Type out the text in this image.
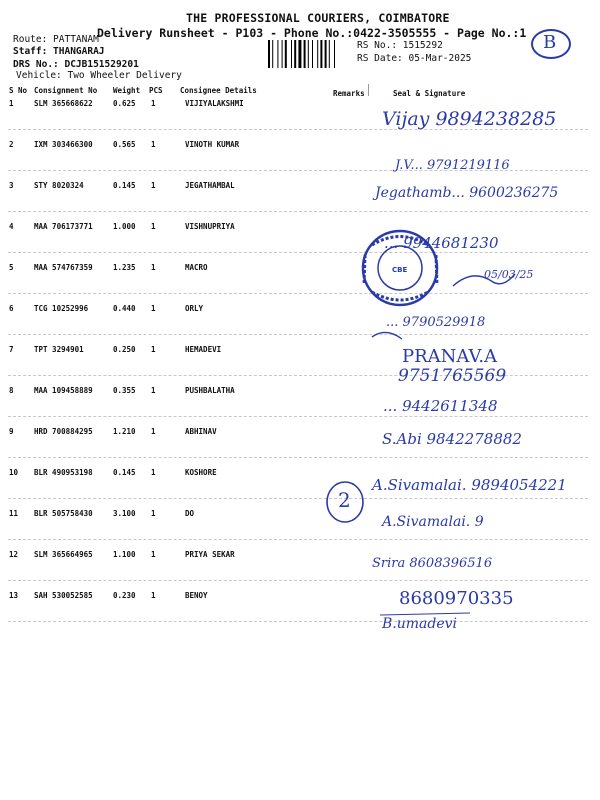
THE PROFESSIONAL COURIERS, COIMBATORE
Delivery Runsheet - P103 - Phone No.:0422-3505555 - Page No.:1
Route: PATTANAM
Staff: THANGARAJ
DRS No.: DCJB151529201
Vehicle: Two Wheeler Delivery
RS No.: 1515292
RS Date: 05-Mar-2025
B
S No Consignment No Weight PCS Consignee Details	Remarks	Seal & Signature
1	SLM 365668622	0.625 1	VIJIYALAKSHMI
2	IXM 303466300	0.565 1	VINOTH KUMAR
3	STY 8020324	0.145 1	JEGATHAMBAL
4	MAA 706173771	1.000 1	VISHNUPRIYA
5	MAA 574767359	1.235 1	MACRO
6	TCG 10252996	0.440 1	ORLY
7	TPT 3294901	0.250 1	HEMADEVI
8	MAA 109458889	0.355 1	PUSHBALATHA
9	HRD 700884295	1.210 1	ABHINAV
10 BLR 490953198	0.145 1	KOSHORE
11 BLR 505758430	3.100 1	DO
12 SLM 365664965	1.100 1	PRIYA SEKAR
13 SAH 530052585	0.230 1	BENOY
CBE
Vijay 9894238285
J.V... 9791219116
Jegathamb... 9600236275
... 9944681230
05/03/25
... 9790529918
PRANAV.A
9751765569
... 9442611348
S.Abi 9842278882
A.Sivamalai. 9894054221
A.Sivamalai. 9
Srira 8608396516
8680970335
B.umadevi
2
